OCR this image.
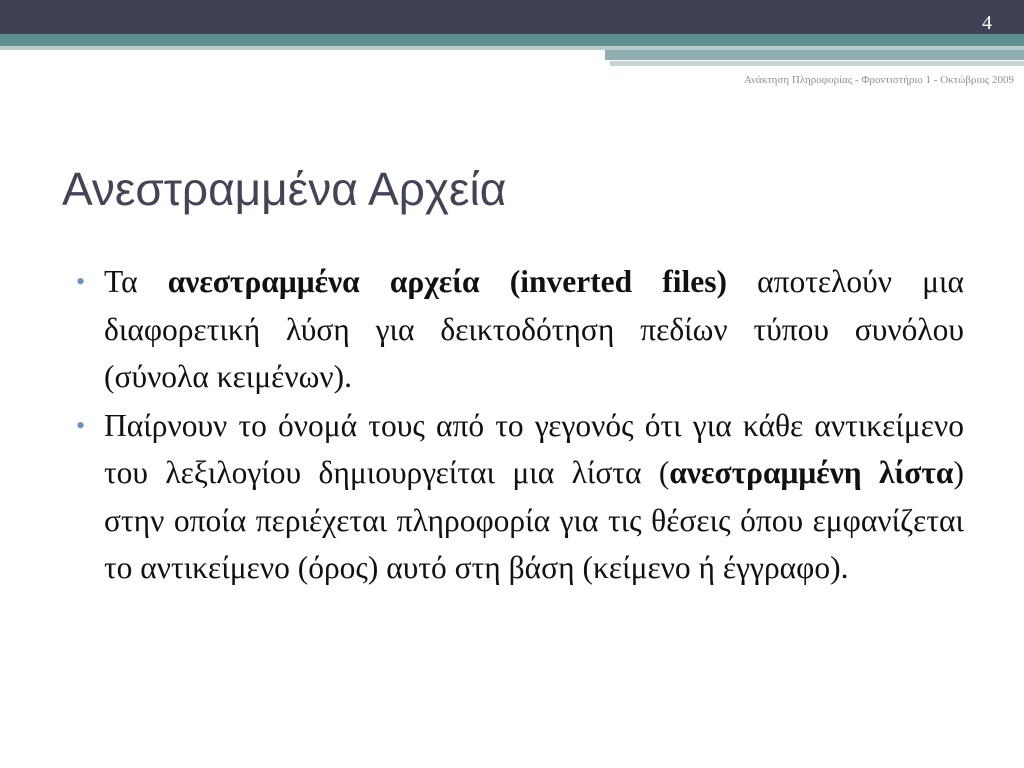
4
Ανάκτηση Πληροφορίας - Φροντιστήριο 1 - Οκτώβριος 2009
Ανεστραμμένα Αρχεία
• Τα ανεστραμμένα αρχεία (inverted files) αποτελούν μια διαφορετική λύση για δεικτοδότηση πεδίων τύπου συνόλου (σύνολα κειμένων).
• Παίρνουν το όνομά τους από το γεγονός ότι για κάθε αντικείμενο του λεξιλογίου δημιουργείται μια λίστα (ανεστραμμένη λίστα) στην οποία περιέχεται πληροφορία για τις θέσεις όπου εμφανίζεται το αντικείμενο (όρος) αυτό στη βάση (κείμενο ή έγγραφο).
